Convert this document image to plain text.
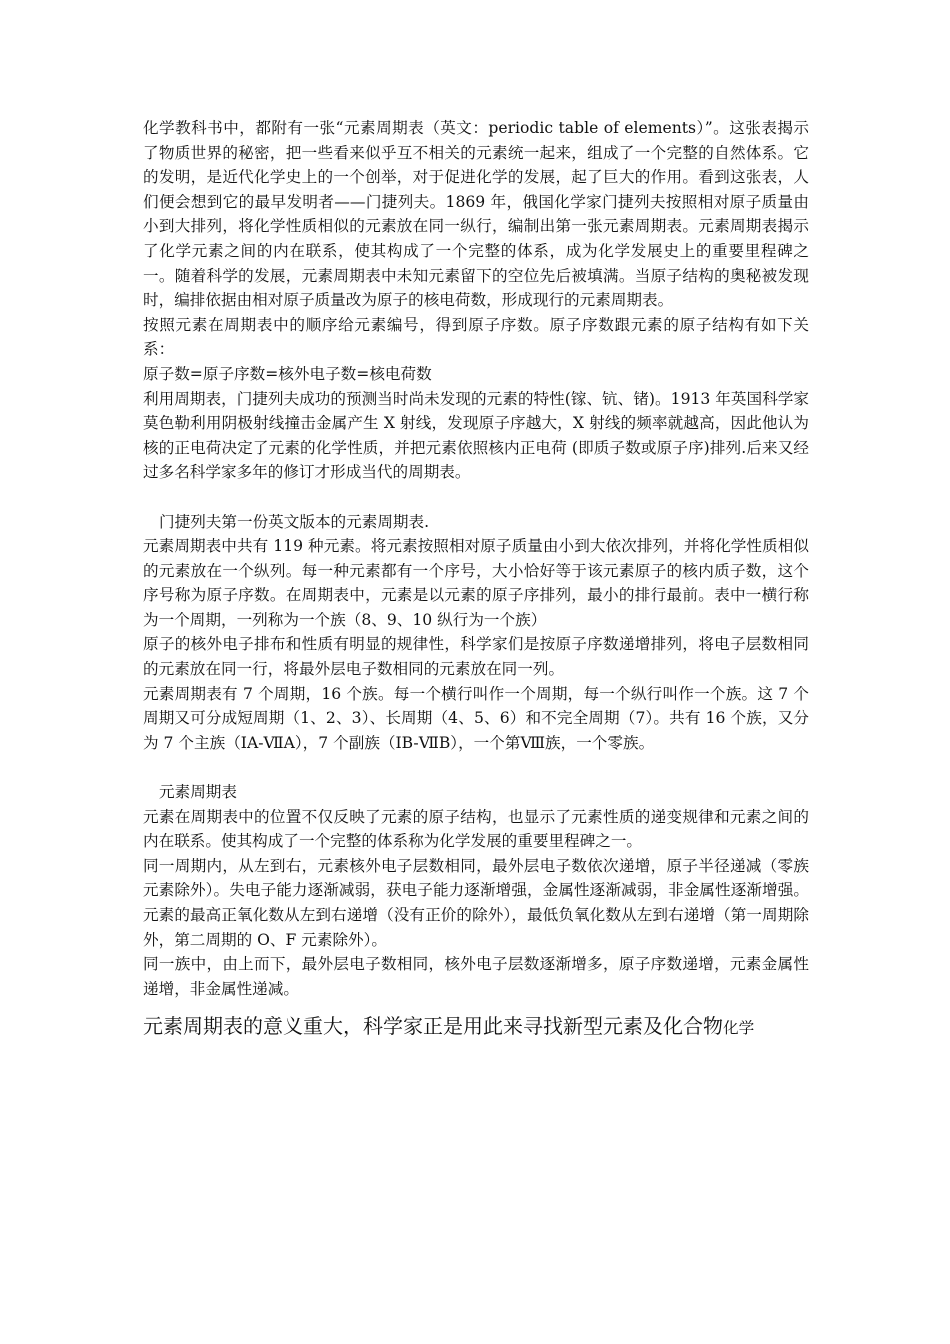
化学教科书中，都附有一张“元素周期表（英文：periodic table of elements）”。这张表揭示了物质世界的秘密，把一些看来似乎互不相关的元素统一起来，组成了一个完整的自然体系。它的发明，是近代化学史上的一个创举，对于促进化学的发展，起了巨大的作用。看到这张表，人们便会想到它的最早发明者——门捷列夫。1869 年，俄国化学家门捷列夫按照相对原子质量由小到大排列，将化学性质相似的元素放在同一纵行，编制出第一张元素周期表。元素周期表揭示了化学元素之间的内在联系，使其构成了一个完整的体系，成为化学发展史上的重要里程碑之一。随着科学的发展，元素周期表中未知元素留下的空位先后被填满。当原子结构的奥秘被发现时，编排依据由相对原子质量改为原子的核电荷数，形成现行的元素周期表。

按照元素在周期表中的顺序给元素编号，得到原子序数。原子序数跟元素的原子结构有如下关系：

原子数=原子序数=核外电子数=核电荷数

利用周期表，门捷列夫成功的预测当时尚未发现的元素的特性(镓、钪、锗)。1913 年英国科学家莫色勒利用阴极射线撞击金属产生 X 射线，发现原子序越大，X 射线的频率就越高，因此他认为核的正电荷决定了元素的化学性质，并把元素依照核内正电荷 (即质子数或原子序)排列.后来又经过多名科学家多年的修订才形成当代的周期表。

门捷列夫第一份英文版本的元素周期表.

元素周期表中共有 119 种元素。将元素按照相对原子质量由小到大依次排列，并将化学性质相似的元素放在一个纵列。每一种元素都有一个序号，大小恰好等于该元素原子的核内质子数，这个序号称为原子序数。在周期表中，元素是以元素的原子序排列，最小的排行最前。表中一横行称为一个周期，一列称为一个族（8、9、10 纵行为一个族）

原子的核外电子排布和性质有明显的规律性，科学家们是按原子序数递增排列，将电子层数相同的元素放在同一行，将最外层电子数相同的元素放在同一列。

元素周期表有 7 个周期，16 个族。每一个横行叫作一个周期，每一个纵行叫作一个族。这 7 个周期又可分成短周期（1、2、3）、长周期（4、5、6）和不完全周期（7）。共有 16 个族，又分为 7 个主族（ⅠA-ⅦA），7 个副族（ⅠB-ⅦB），一个第Ⅷ族，一个零族。

元素周期表

元素在周期表中的位置不仅反映了元素的原子结构，也显示了元素性质的递变规律和元素之间的内在联系。使其构成了一个完整的体系称为化学发展的重要里程碑之一。

同一周期内，从左到右，元素核外电子层数相同，最外层电子数依次递增，原子半径递减（零族元素除外）。失电子能力逐渐减弱，获电子能力逐渐增强，金属性逐渐减弱，非金属性逐渐增强。元素的最高正氧化数从左到右递增（没有正价的除外），最低负氧化数从左到右递增（第一周期除外，第二周期的 O、F 元素除外）。

同一族中，由上而下，最外层电子数相同，核外电子层数逐渐增多，原子序数递增，元素金属性递增，非金属性递减。

元素周期表的意义重大，科学家正是用此来寻找新型元素及化合物化学
